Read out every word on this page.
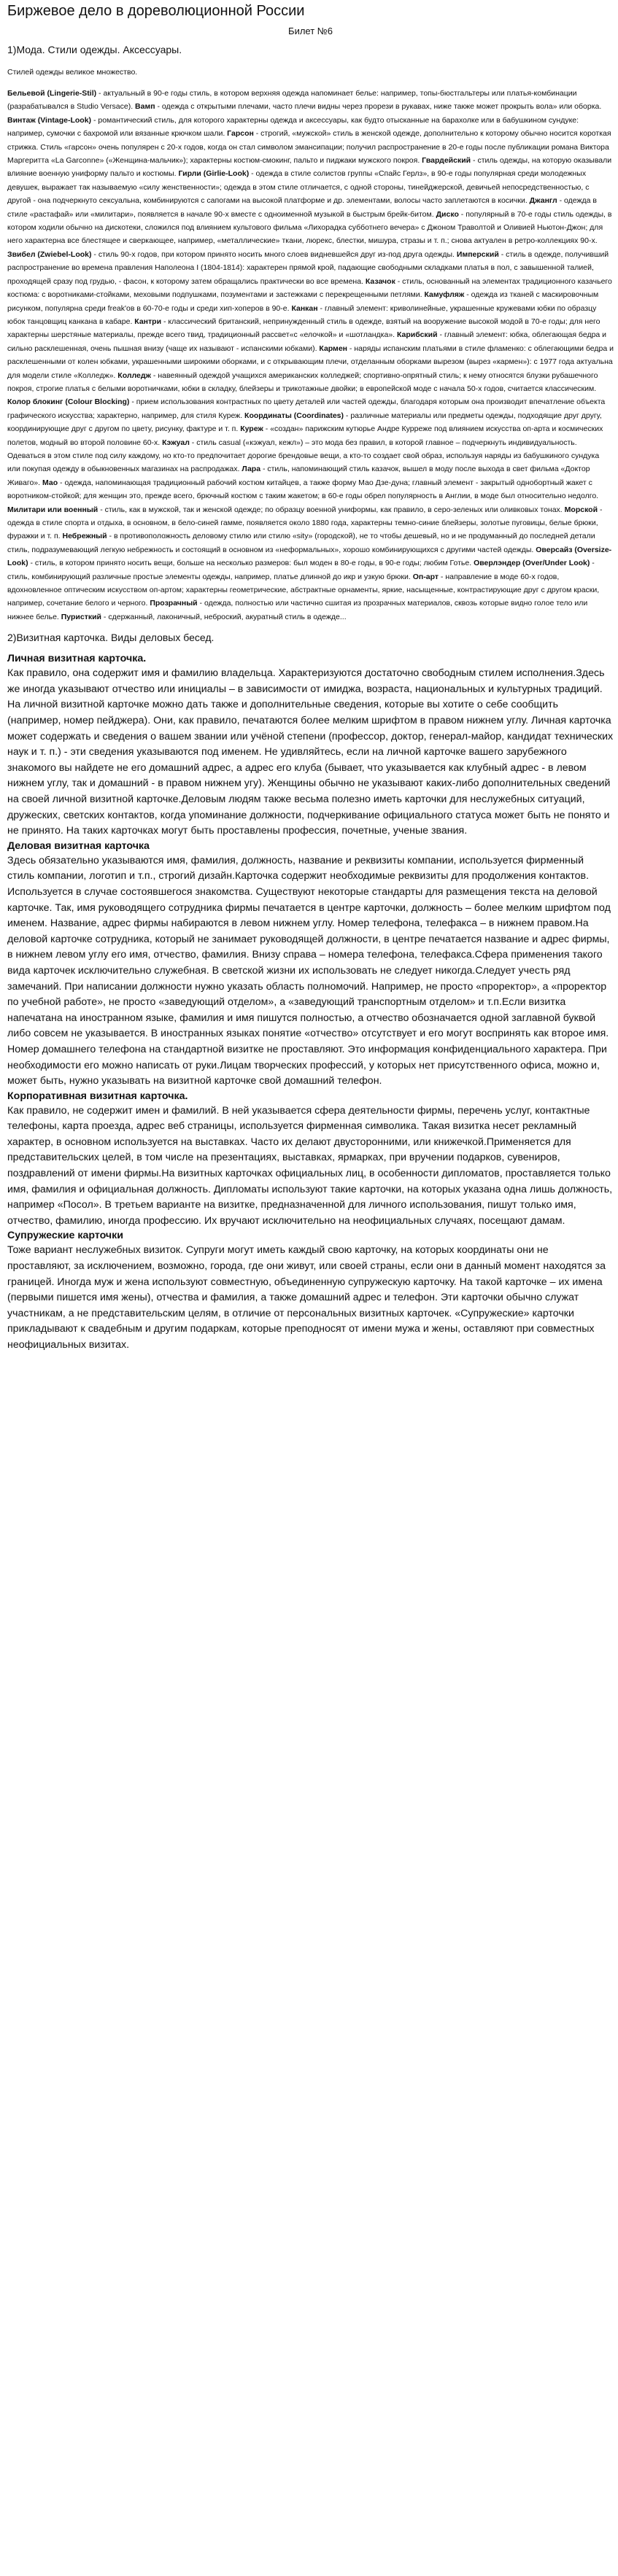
Биржевое дело в дореволюционной России
Билет №6
1)Мода. Стили одежды. Аксессуары.
Стилей одежды великое множество.
Бельевой (Lingerie-Stil) - актуальный в 90-е годы стиль, в котором верхняя одежда напоминает белье: например, топы-бюстгальтеры или платья-комбинации (разрабатывался в Studio Versace). Вамп - одежда с открытыми плечами, часто плечи видны через прорези в рукавах, ниже также может прокрыть вола» или оборка. Винтаж (Vintage-Look) - романтический стиль, для которого характерны одежда и аксессуары, как будто отысканные на барахолке или в бабушкином сундуке: например, сумочки с бахромой или вязанные крючком шали. Гарсон - строгий, «мужской» стиль в женской одежде, дополнительно к которому обычно носится короткая стрижка. Стиль «гарсон» очень популярен с 20-х годов, когда он стал символом эмансипации; получил распространение в 20-е годы после публикации романа Виктора Маргеритта «La Garconne» («Женщина-мальчик»); характерны костюм-смокинг, пальто и пиджаки мужского покроя. Гвардейский - стиль одежды, на которую оказывали влияние военную униформу пальто и костюмы. Гирли (Girlie-Look) - одежда в стиле солистов группы «Спайс Герлз», в 90-е годы популярная среди молодежных девушек, выражает так называемую «силу женственности»; одежда в этом стиле отличается, с одной стороны, тинейджерской, девичьей непосредственностью, с другой - она подчеркнуто сексуальна, комбинируются с сапогами на высокой платформе и др. элементами, волосы часто заплетаются в косички. Джангл - одежда в стиле «растафай» или «милитари», появляется в начале 90-х вместе с одноименной музыкой в быстрым брейк-битом. Диско - популярный в 70-е годы стиль одежды, в котором ходили обычно на дискотеки, сложился под влиянием культового фильма «Лихорадка субботнего вечера» с Джоном Траволтой и Оливией Ньютон-Джон; для него характерна все блестящее и сверкающее, например, «металлические» ткани, люрекс, блестки, мишура, стразы и т. п.; снова актуален в ретро-коллекциях 90-х. Звибел (Zwiebel-Look) - стиль 90-х годов, при котором принято носить много слоев видневшейся друг из-под друга одежды. Имперский - стиль в одежде, получивший распространение во времена правления Наполеона I (1804-1814): характерен прямой крой, падающие свободными складками платья в пол, с завышенной талией, проходящей сразу под грудью, - фасон, к которому затем обращались практически во все времена. Казачок - стиль, основанный на элементах традиционного казачьего костюма: с воротниками-стойками, меховыми подпушками, позументами и застежками с перекрещенными петлями. Камуфляж - одежда из тканей с маскировочным рисунком, популярна среди freak'ов в 60-70-е годы и среди хип-хоперов в 90-е. Канкан - главный элемент: криволинейные, украшенные кружевами юбки по образцу юбок танцовщиц канкана в кабаре. Кантри - классический британский, непринужденный стиль в одежде, взятый на вооружение высокой модой в 70-е годы; для него характерны шерстяные материалы, прежде всего твид, традиционный рассвет«с «елочкой» и «шотландка». Карибский - главный элемент: юбка, облегающая бедра и сильно расклешенная, очень пышная внизу (чаще их называют - испанскими юбками). Кармен - наряды испанским платьями в стиле фламенко: с облегающими бедра и расклешенными от колен юбками, украшенными широкими оборками, и с открывающим плечи, отделанным оборками вырезом (вырез «кармен»): с 1977 года актуальна для модели стиле «Колледж». Колледж - навеянный одеждой учащихся американских колледжей; спортивно-опрятный стиль; к нему относятся блузки рубашечного покроя, строгие платья с белыми воротничками, юбки в складку, блейзеры и трикотажные двойки; в европейской моде с начала 50-х годов, считается классическим. Колор блокинг (Colour Blocking) - прием использования контрастных по цвету деталей или частей одежды, благодаря которым она производит впечатление объекта графического искусства; характерно, например, для стиля Куреж. Координаты (Coordinates) - различные материалы или предметы одежды, подходящие друг другу, координирующие друг с другом по цвету, рисунку, фактуре и т. п. Куреж - «создан» парижским кутюрье Андре Курреже под влиянием искусства оп-арта и космических полетов, модный во второй половине 60-х. Кэжуал - стиль casual («кэжуал, кежл») – это мода без правил, в которой главное – подчеркнуть индивидуальность. Одеваться в этом стиле под силу каждому, но кто-то предпочитает дорогие брендовые вещи, а кто-то создает свой образ, используя наряды из бабушкиного сундука или покупая одежду в обыкновенных магазинах на распродажах. Лара - стиль, напоминающий стиль казачок, вышел в моду после выхода в свет фильма «Доктор Живаго». Мао - одежда, напоминающая традиционный рабочий костюм китайцев, а также форму Мао Дзе-дуна; главный элемент - закрытый однобортный жакет с воротником-стойкой; для женщин это, прежде всего, брючный костюм с таким жакетом; в 60-е годы обрел популярность в Англии, в моде был относительно недолго. Милитари или военный - стиль, как в мужской, так и женской одежде; по образцу военной униформы, как правило, в серо-зеленых или оливковых тонах. Морской - одежда в стиле спорта и отдыха, в основном, в бело-синей гамме, появляется около 1880 года, характерны темно-синие блейзеры, золотые пуговицы, белые брюки, фуражки и т. п. Небрежный - в противоположность деловому стилю или стилю «sity» (городской), не то чтобы дешевый, но и не продуманный до последней детали стиль, подразумевающий легкую небрежность и состоящий в основном из «неформальных», хорошо комбинирующихся с другими частей одежды. Оверсайз (Oversize-Look) - стиль, в котором принято носить вещи, больше на несколько размеров: был моден в 80-е годы, в 90-е годы; любим Готье. Оверлэндер (Over/Under Look) - стиль, комбинирующий различные простые элементы одежды, например, платье длинной до икр и узкую брюки. Оп-арт - направление в моде 60-х годов, вдохновленное оптическим искусством оп-артом; характерны геометрические, абстрактные орнаменты, яркие, насыщенные, контрастирующие друг с другом краски, например, сочетание белого и черного. Прозрачный - одежда, полностью или частично сшитая из прозрачных материалов, сквозь которые видно голое тело или нижнее белье. Пуристкий - сдержанный, лаконичный, неброский, акуратный стиль в одежде...
2)Визитная карточка. Виды деловых бесед.
Личная визитная карточка.

Как правило, она содержит имя и фамилию владельца. Характеризуются достаточно свободным стилем исполнения.Здесь же иногда указывают отчество или инициалы – в зависимости от имиджа, возраста, национальных и культурных традиций. На личной визитной карточке можно дать также и дополнительные сведения, которые вы хотите о себе сообщить (например, номер пейджера). Они, как правило, печатаются более мелким шрифтом в правом нижнем углу. Личная карточка может содержать и сведения о вашем звании или учёной степени (профессор, доктор, генерал-майор, кандидат технических наук и т. п.) - эти сведения указываются под именем. Не удивляйтесь, если на личной карточке вашего зарубежного знакомого вы найдете не его домашний адрес, а адрес его клуба (бывает, что указывается как клубный адрес - в левом нижнем углу, так и домашний - в правом нижнем угу). Женщины обычно не указывают каких-либо дополнительных сведений на своей личной визитной карточке.Деловым людям также весьма полезно иметь карточки для неслужебных ситуаций, дружеских, светских контактов, когда упоминание должности, подчеркивание официального статуса может быть не понято и не принято. На таких карточках могут быть проставлены профессия, почетные, ученые звания.

Деловая визитная карточка

Здесь обязательно указываются имя, фамилия, должность, название и реквизиты компании, используется фирменный стиль компании, логотип и т.п., строгий дизайн.Карточка содержит необходимые реквизиты для продолжения контактов. Используется в случае состоявшегося знакомства. Существуют некоторые стандарты для размещения текста на деловой карточке. Так, имя руководящего сотрудника фирмы печатается в центре карточки, должность – более мелким шрифтом под именем. Название, адрес фирмы набираются в левом нижнем углу. Номер телефона, телефакса – в нижнем правом.На деловой карточке сотрудника, который не занимает руководящей должности, в центре печатается название и адрес фирмы, в нижнем левом углу его имя, отчество, фамилия. Внизу справа – номера телефона, телефакса.Сфера применения такого вида карточек исключительно служебная. В светской жизни их использовать не следует никогда.Следует учесть ряд замечаний. При написании должности нужно указать область полномочий. Например, не просто «проректор», а «проректор по учебной работе», не просто «заведующий отделом», а «заведующий транспортным отделом» и т.п.Если визитка напечатана на иностранном языке, фамилия и имя пишутся полностью, а отчество обозначается одной заглавной буквой либо совсем не указывается. В иностранных языках понятие «отчество» отсутствует и его могут воспринять как второе имя. Номер домашнего телефона на стандартной визитке не проставляют. Это информация конфиденциального характера. При необходимости его можно написать от руки.Лицам творческих профессий, у которых нет присутственного офиса, можно и, может быть, нужно указывать на визитной карточке свой домашний телефон.

Корпоративная визитная карточка.

Как правило, не содержит имен и фамилий. В ней указывается сфера деятельности фирмы, перечень услуг, контактные телефоны, карта проезда, адрес веб страницы, используется фирменная символика. Такая визитка несет рекламный характер, в основном используется на выставках. Часто их делают двусторонними, или книжечкой.Применяется для представительских целей, в том числе на презентациях, выставках, ярмарках, при вручении подарков, сувениров, поздравлений от имени фирмы.На визитных карточках официальных лиц, в особенности дипломатов, проставляется только имя, фамилия и официальная должность. Дипломаты используют такие карточки, на которых указана одна лишь должность, например «Посол». В третьем варианте на визитке, предназначенной для личного использования, пишут только имя, отчество, фамилию, иногда профессию. Их вручают исключительно на неофициальных случаях, посещают дамам.

Супружеские карточки

Тоже вариант неслужебных визиток. Супруги могут иметь каждый свою карточку, на которых координаты они не проставляют, за исключением, возможно, города, где они живут, или своей страны, если они в данный момент находятся за границей. Иногда муж и жена используют совместную, объединенную супружескую карточку. На такой карточке – их имена (первыми пишется имя жены), отчества и фамилия, а также домашний адрес и телефон. Эти карточки обычно служат участникам, а не представительским целям, в отличие от персональных визитных карточек. «Супружеские» карточки прикладывают к свадебным и другим подаркам, которые преподносят от имени мужа и жены, оставляют при совместных неофициальных визитах.
